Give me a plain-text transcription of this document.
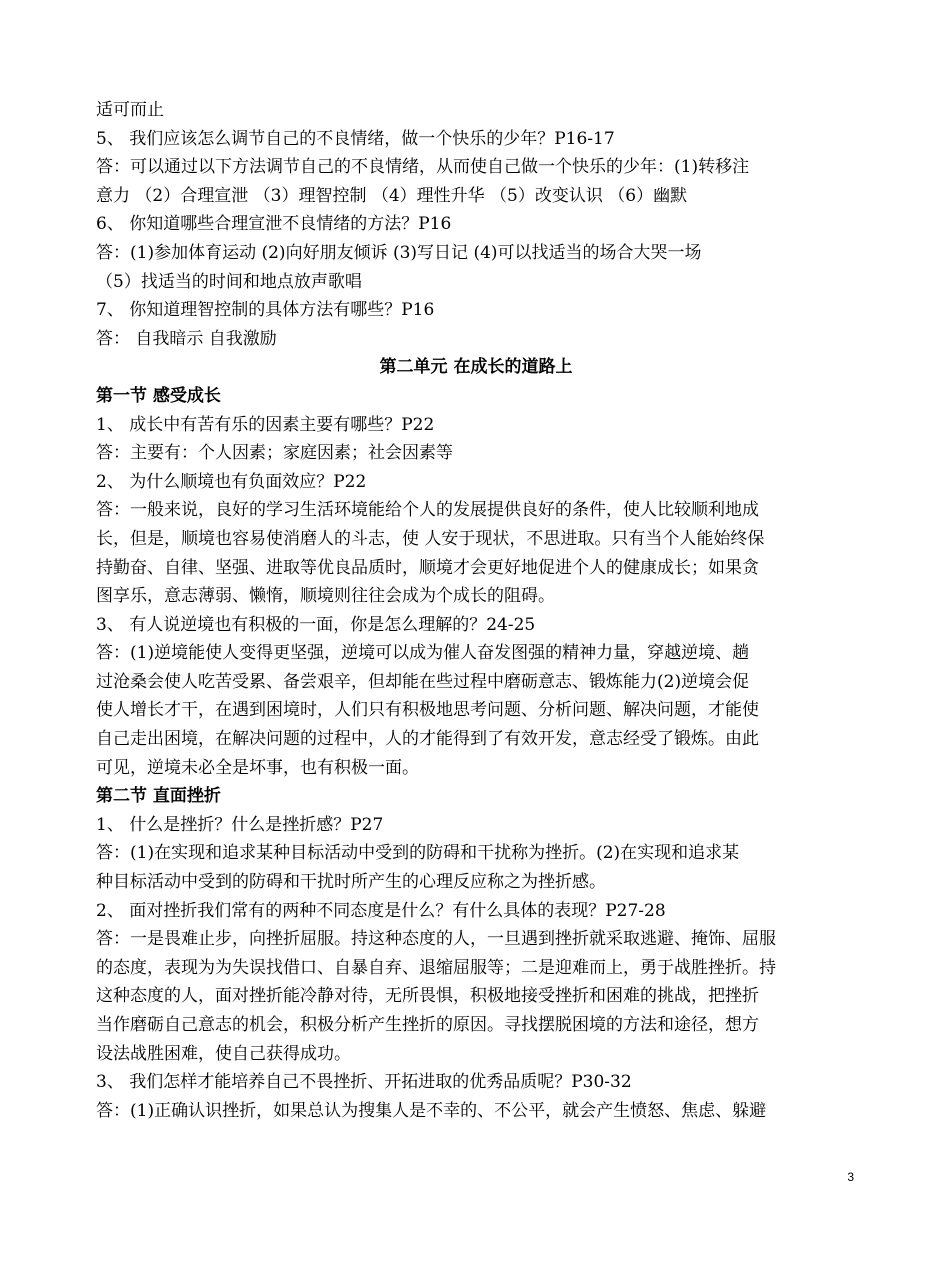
适可而止
5、 我们应该怎么调节自己的不良情绪，做一个快乐的少年？P16-17
答：可以通过以下方法调节自己的不良情绪，从而使自己做一个快乐的少年：(1)转移注
意力 （2）合理宣泄 （3）理智控制 （4）理性升华 （5）改变认识 （6）幽默
6、 你知道哪些合理宣泄不良情绪的方法？P16
答：(1)参加体育运动 (2)向好朋友倾诉 (3)写日记 (4)可以找适当的场合大哭一场
（5）找适当的时间和地点放声歌唱
7、 你知道理智控制的具体方法有哪些？P16
答： 自我暗示 自我激励
第二单元 在成长的道路上
第一节 感受成长
1、 成长中有苦有乐的因素主要有哪些？P22
答：主要有：个人因素；家庭因素；社会因素等
2、 为什么顺境也有负面效应？P22
答：一般来说，良好的学习生活环境能给个人的发展提供良好的条件，使人比较顺利地成
长，但是，顺境也容易使消磨人的斗志，使 人安于现状，不思进取。只有当个人能始终保
持勤奋、自律、坚强、进取等优良品质时，顺境才会更好地促进个人的健康成长；如果贪
图享乐，意志薄弱、懒惰，顺境则往往会成为个成长的阻碍。
3、 有人说逆境也有积极的一面，你是怎么理解的？24-25
答：(1)逆境能使人变得更坚强，逆境可以成为催人奋发图强的精神力量，穿越逆境、趟
过沧桑会使人吃苦受累、备尝艰辛，但却能在些过程中磨砺意志、锻炼能力(2)逆境会促
使人增长才干，在遇到困境时，人们只有积极地思考问题、分析问题、解决问题，才能使
自己走出困境，在解决问题的过程中，人的才能得到了有效开发，意志经受了锻炼。由此
可见，逆境未必全是坏事，也有积极一面。
第二节 直面挫折
1、 什么是挫折？什么是挫折感？P27
答：(1)在实现和追求某种目标活动中受到的防碍和干扰称为挫折。(2)在实现和追求某
种目标活动中受到的防碍和干扰时所产生的心理反应称之为挫折感。
2、 面对挫折我们常有的两种不同态度是什么？有什么具体的表现？P27-28
答：一是畏难止步，向挫折屈服。持这种态度的人，一旦遇到挫折就采取逃避、掩饰、屈服
的态度，表现为为失误找借口、自暴自弃、退缩屈服等；二是迎难而上，勇于战胜挫折。持
这种态度的人，面对挫折能冷静对待，无所畏惧，积极地接受挫折和困难的挑战，把挫折
当作磨砺自己意志的机会，积极分析产生挫折的原因。寻找摆脱困境的方法和途径，想方
设法战胜困难，使自己获得成功。
3、 我们怎样才能培养自己不畏挫折、开拓进取的优秀品质呢？P30-32
答：(1)正确认识挫折，如果总认为搜集人是不幸的、不公平，就会产生愤怒、焦虑、躲避
3
